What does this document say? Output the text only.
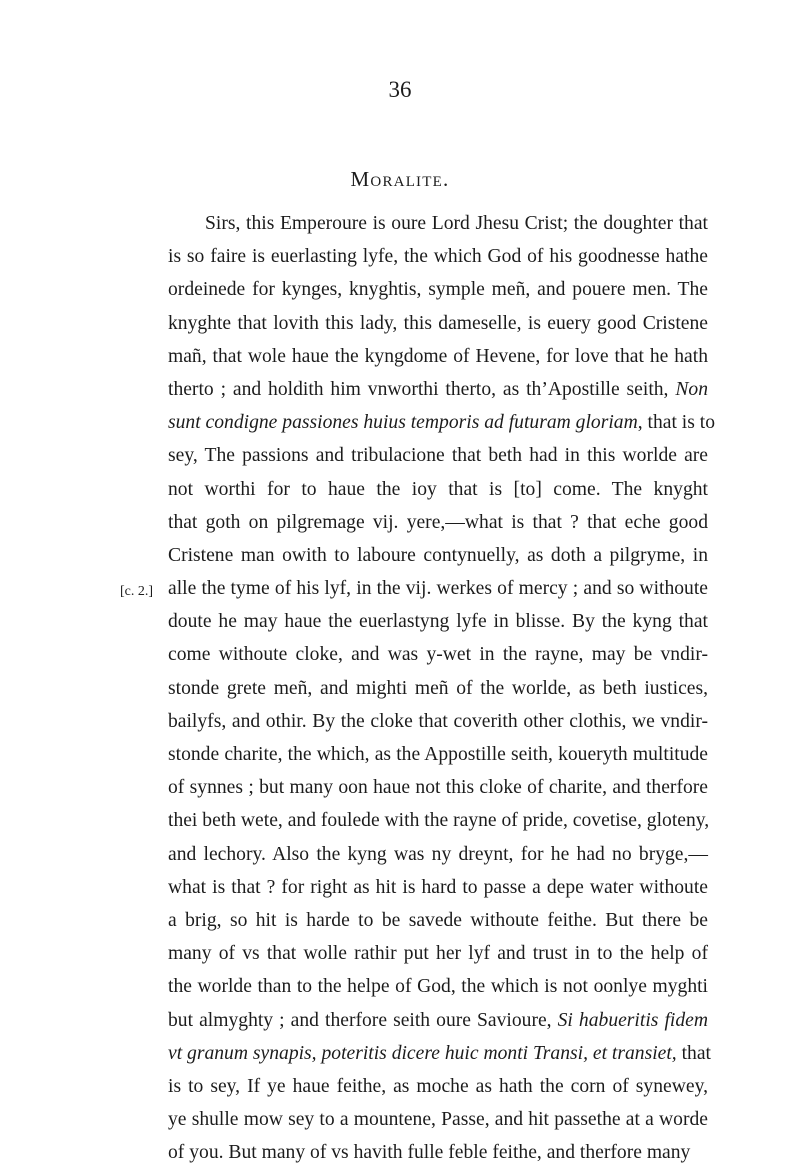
36
Moralite.
[c. 2.]
Sirs, this Emperoure is oure Lord Jhesu Crist; the doughter that
is so faire is euerlasting lyfe, the which God of his goodnesse hathe
ordeinede for kynges, knyghtis, symple meñ, and pouere men. The
knyghte that lovith this lady, this dameselle, is euery good Cristene
mañ, that wole haue the kyngdome of Hevene, for love that he hath
therto ; and holdith him vnworthi therto, as th’Apostille seith, Non
sunt condigne passiones huius temporis ad futuram gloriam, that is to
sey, The passions and tribulacione that beth had in this worlde are
not worthi for to haue the ioy that is [to] come. The knyght
that goth on pilgremage vij. yere,—what is that ? that eche good
Cristene man owith to laboure contynuelly, as doth a pilgryme, in
alle the tyme of his lyf, in the vij. werkes of mercy ; and so withoute
doute he may haue the euerlastyng lyfe in blisse. By the kyng that
come withoute cloke, and was y-wet in the rayne, may be vndir-
stonde grete meñ, and mighti meñ of the worlde, as beth iustices,
bailyfs, and othir. By the cloke that coverith other clothis, we vndir-
stonde charite, the which, as the Appostille seith, koueryth multitude
of synnes ; but many oon haue not this cloke of charite, and therfore
thei beth wete, and foulede with the rayne of pride, covetise, gloteny,
and lechory. Also the kyng was ny dreynt, for he had no bryge,—
what is that ? for right as hit is hard to passe a depe water withoute
a brig, so hit is harde to be savede withoute feithe. But there be
many of vs that wolle rathir put her lyf and trust in to the help of
the worlde than to the helpe of God, the which is not oonlye myghti
but almyghty ; and therfore seith oure Savioure, Si habueritis fidem
vt granum synapis, poteritis dicere huic monti Transi, et transiet, that
is to sey, If ye haue feithe, as moche as hath the corn of synewey,
ye shulle mow sey to a mountene, Passe, and hit passethe at a worde
of you. But many of vs havith fulle feble feithe, and therfore many
